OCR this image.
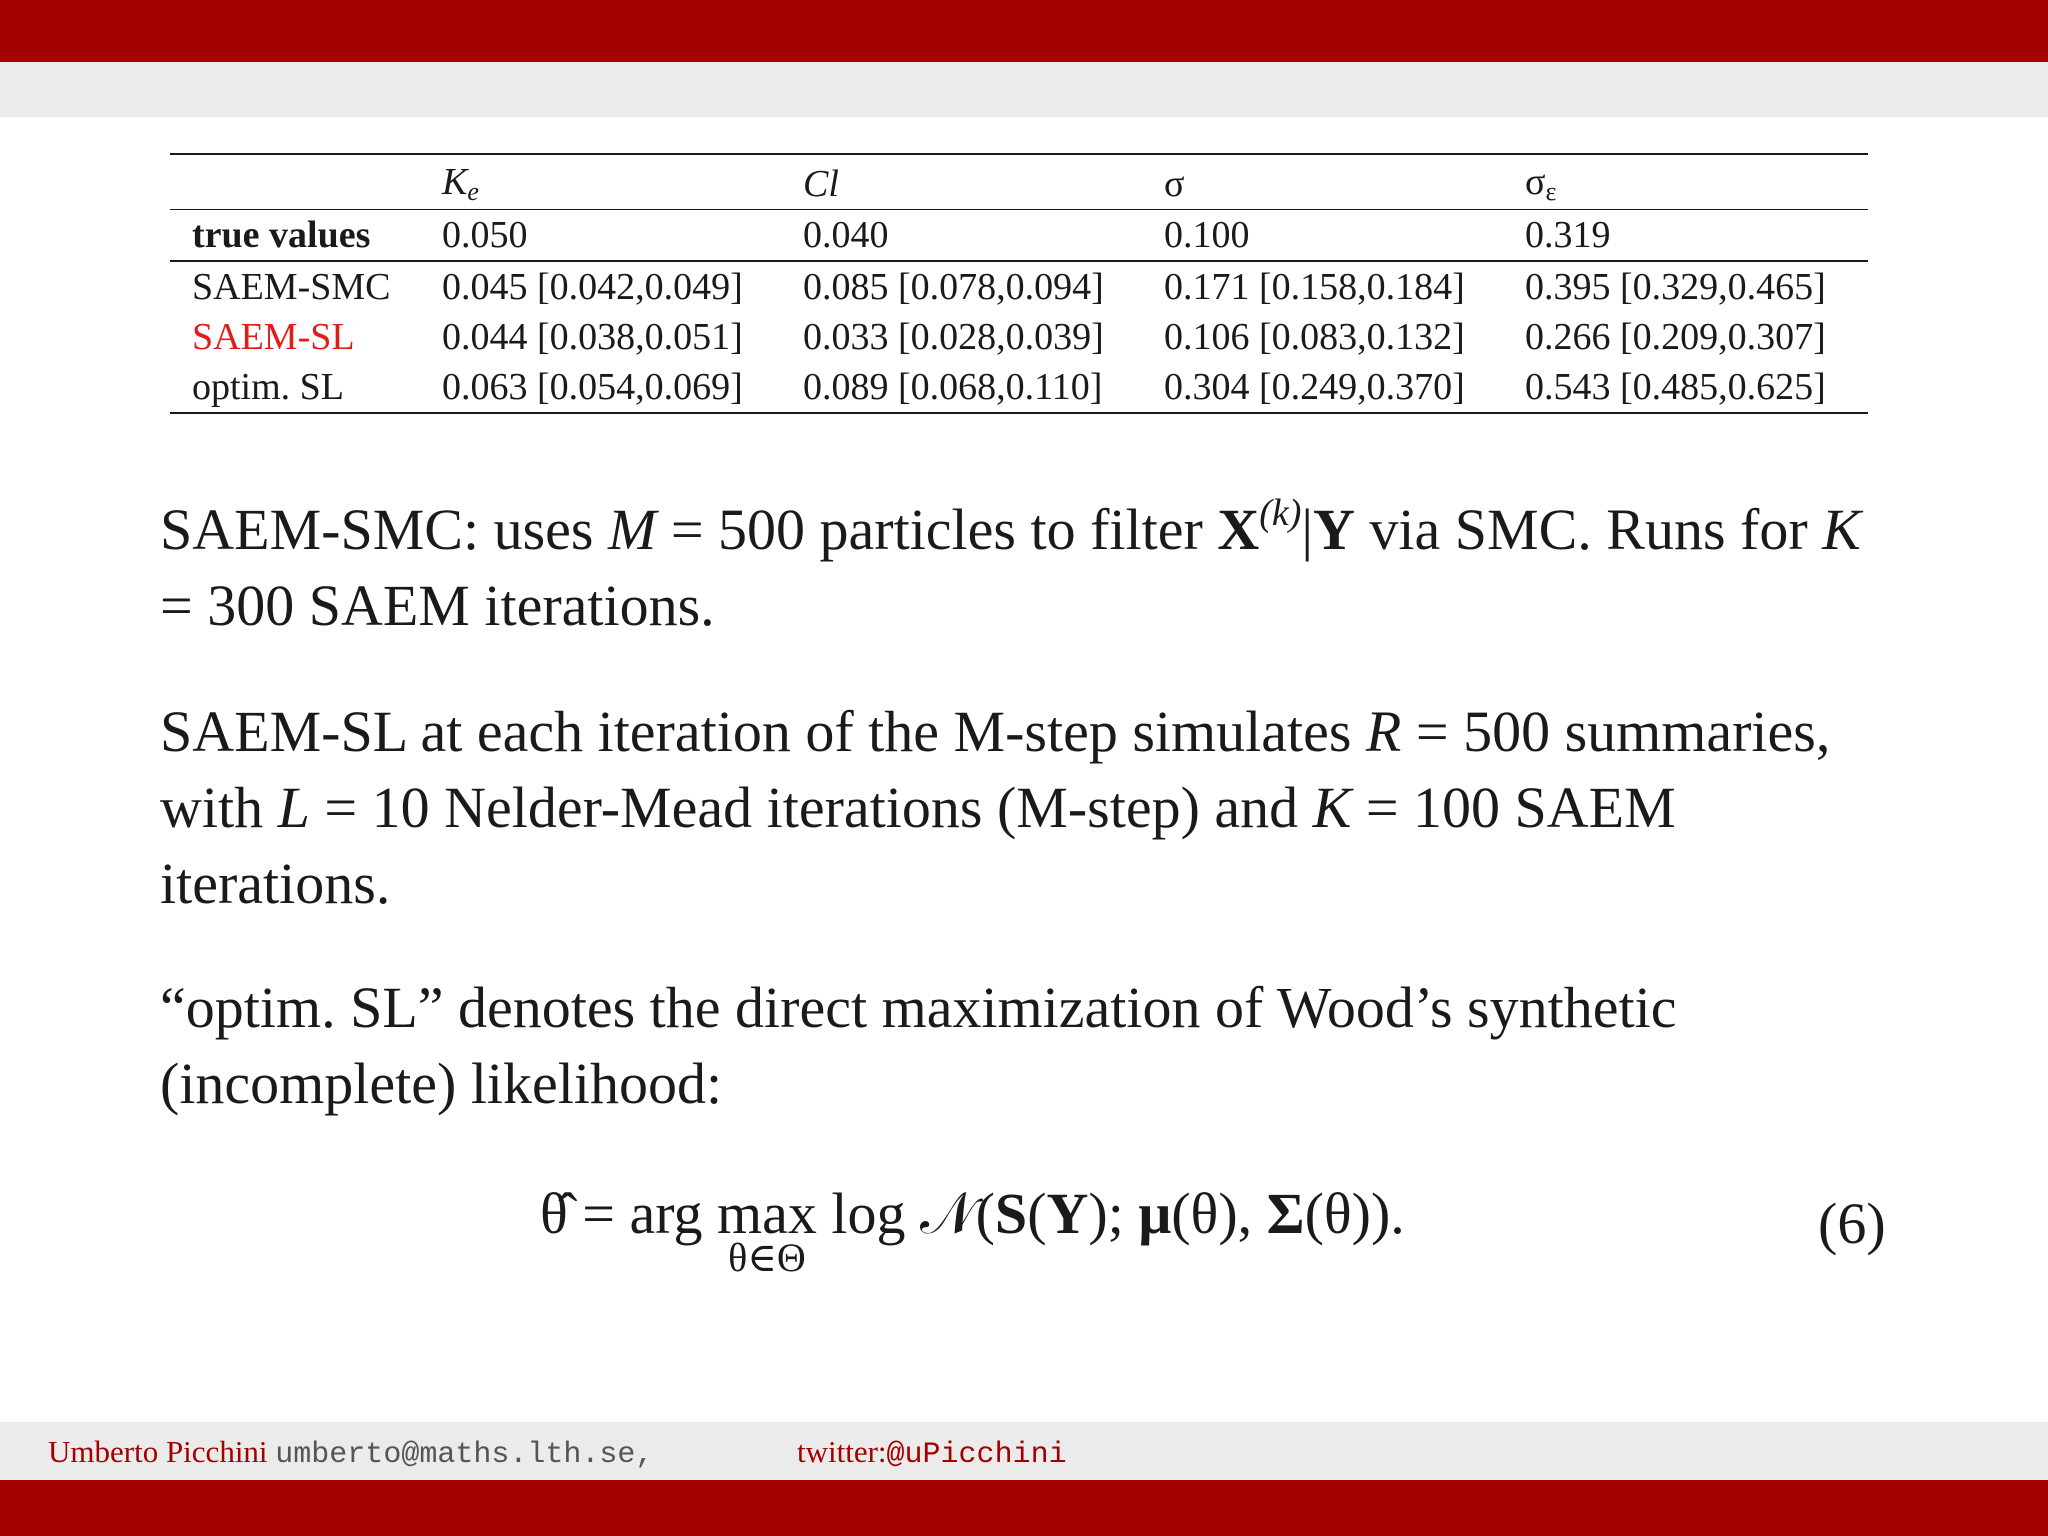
	$K_e$	Cl	σ	$\sigma_\varepsilon$
true values	0.050	0.040	0.100	0.319
SAEM-SMC	0.045 [0.042,0.049]	0.085 [0.078,0.094]	0.171 [0.158,0.184]	0.395 [0.329,0.465]
SAEM-SL	0.044 [0.038,0.051]	0.033 [0.028,0.039]	0.106 [0.083,0.132]	0.266 [0.209,0.307]
optim. SL	0.063 [0.054,0.069]	0.089 [0.068,0.110]	0.304 [0.249,0.370]	0.543 [0.485,0.625]

SAEM-SMC: uses M = 500 particles to filter $X^{(k)}|Y$ via SMC. Runs for K = 300 SAEM iterations.

SAEM-SL at each iteration of the M-step simulates R = 500 summaries, with L = 10 Nelder-Mead iterations (M-step) and K = 100 SAEM iterations.

“optim. SL” denotes the direct maximization of Wood’s synthetic (incomplete) likelihood:

θ̂ = arg max
θ∈Θ
log 𝒩(S(Y); μ(θ), Σ(θ)).	(6)
Umberto Picchini umberto@maths.lth.se,	twitter:@uPicchini
